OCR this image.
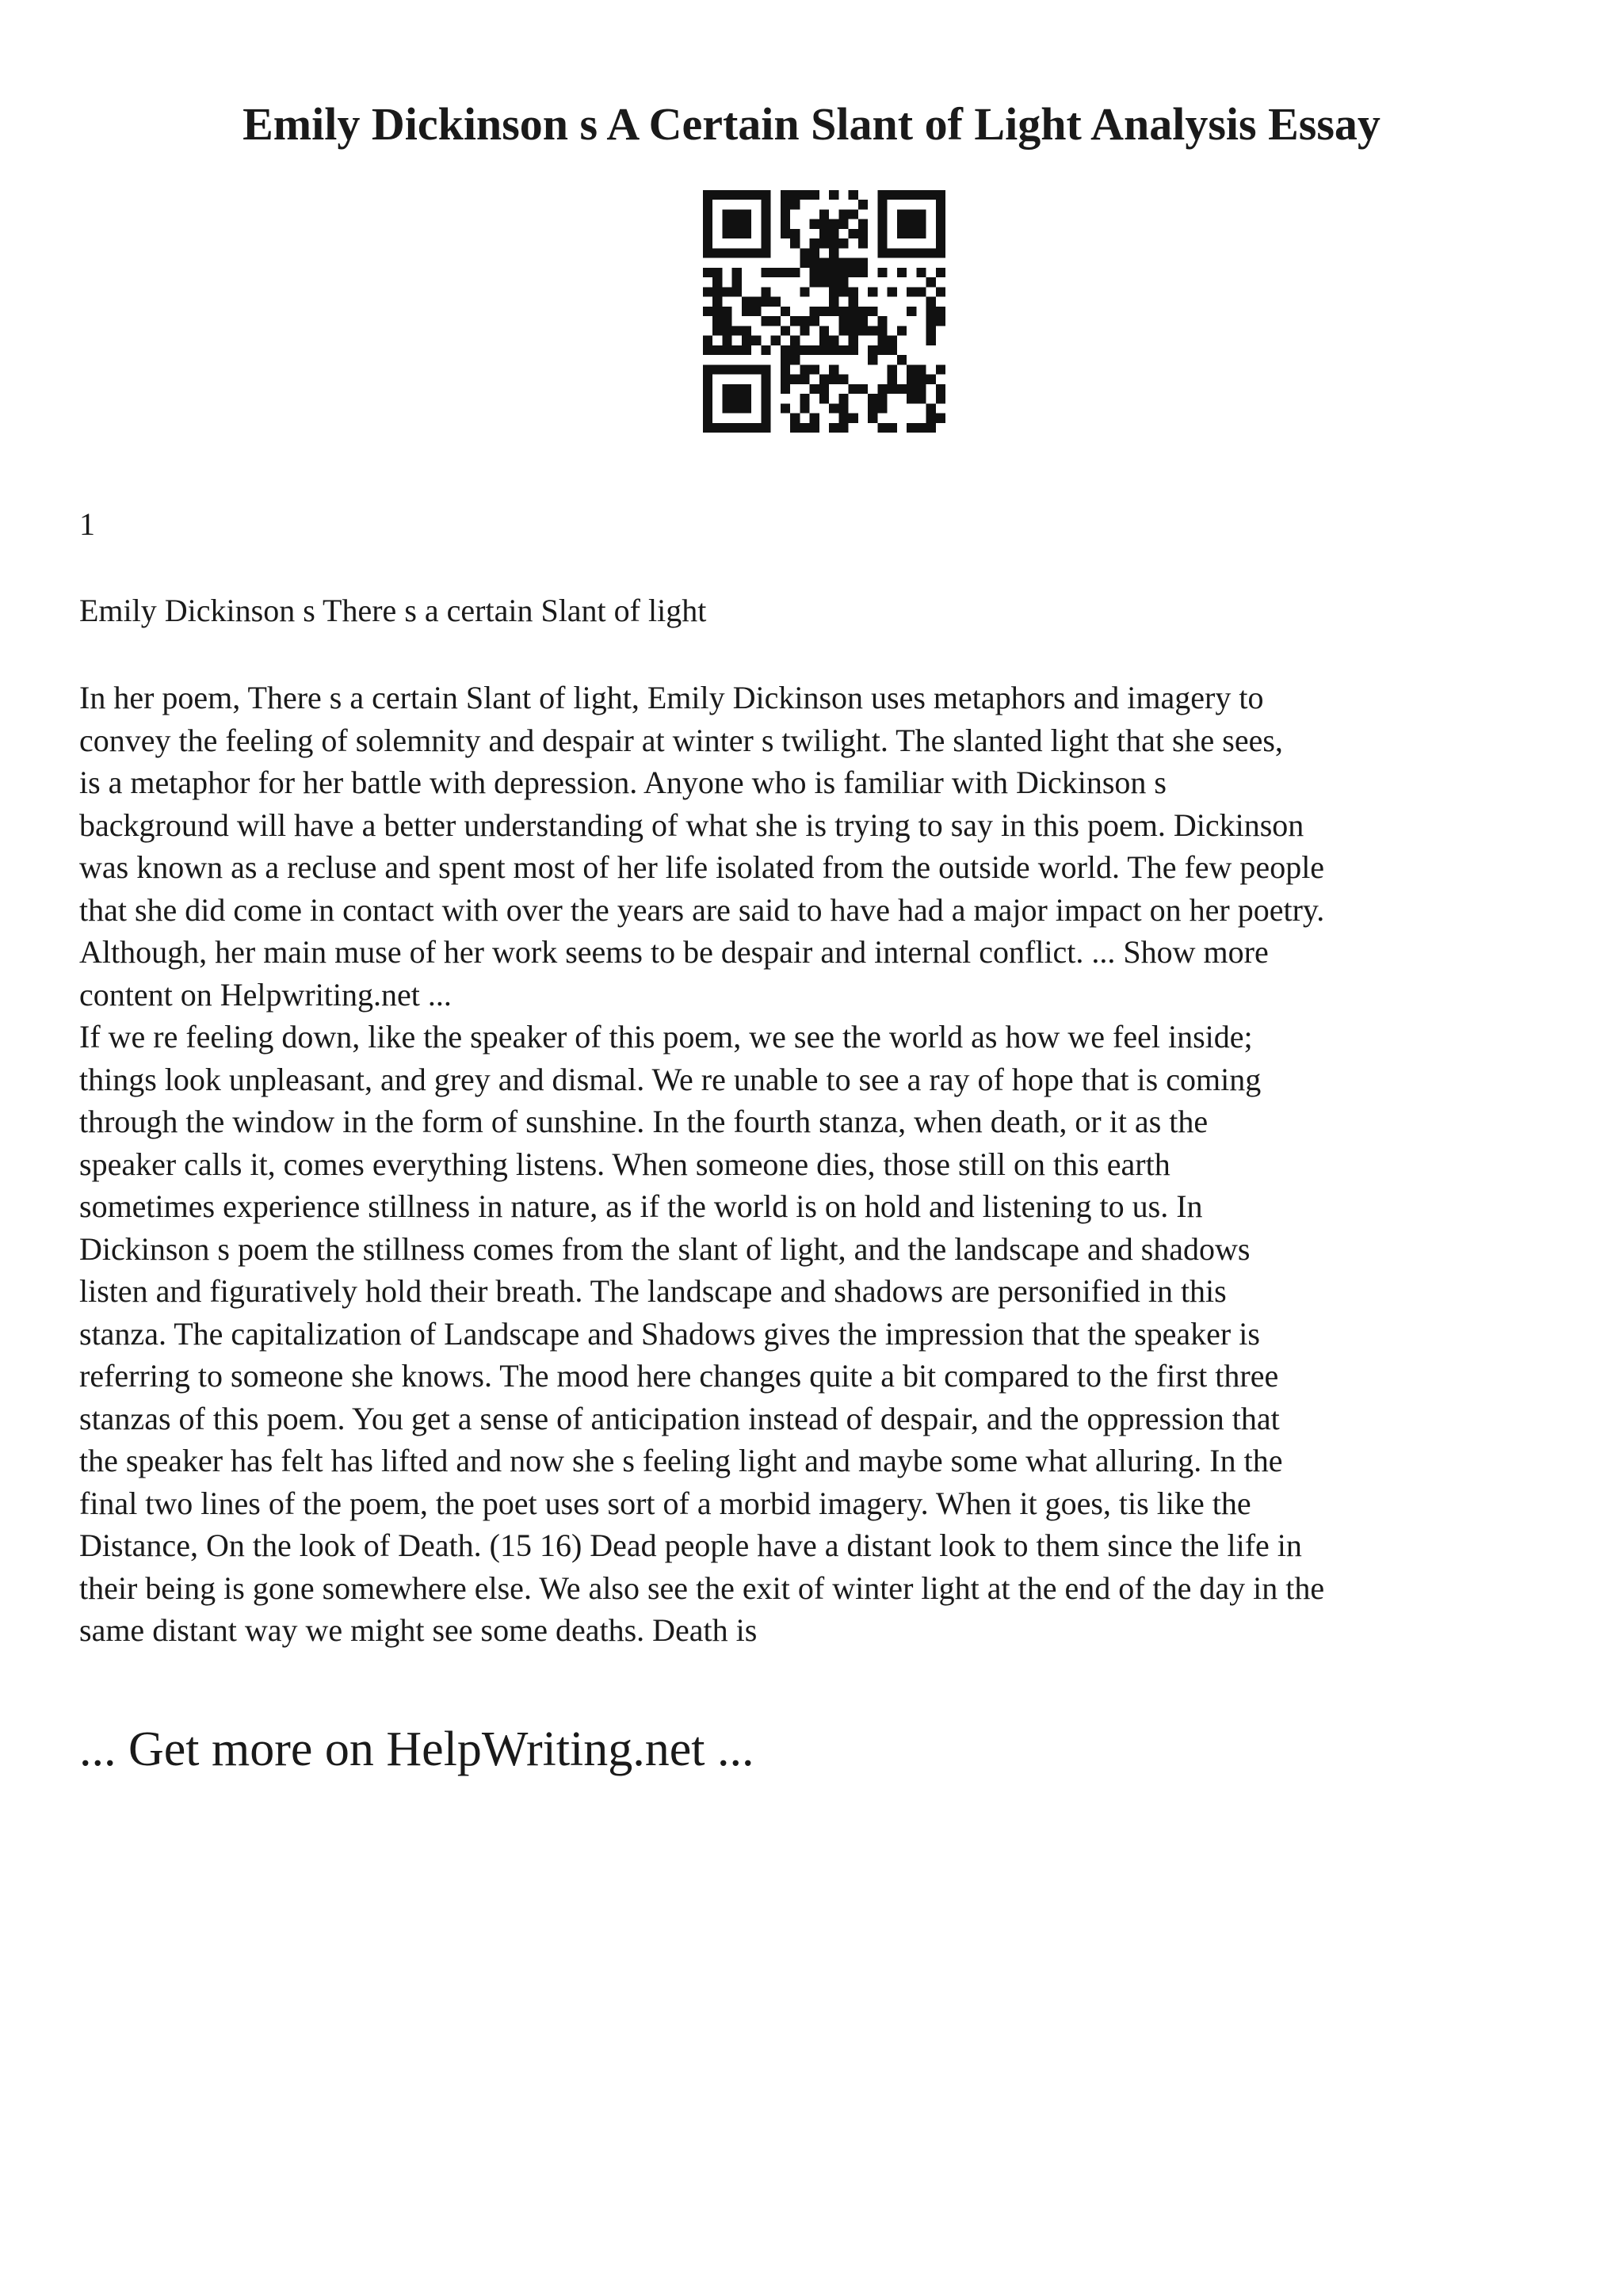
Emily Dickinson s A Certain Slant of Light Analysis Essay
1
Emily Dickinson s There s a certain Slant of light
In her poem, There s a certain Slant of light, Emily Dickinson uses metaphors and imagery to
convey the feeling of solemnity and despair at winter s twilight. The slanted light that she sees,
is a metaphor for her battle with depression. Anyone who is familiar with Dickinson s
background will have a better understanding of what she is trying to say in this poem. Dickinson
was known as a recluse and spent most of her life isolated from the outside world. The few people
that she did come in contact with over the years are said to have had a major impact on her poetry.
Although, her main muse of her work seems to be despair and internal conflict. ... Show more
content on Helpwriting.net ...
If we re feeling down, like the speaker of this poem, we see the world as how we feel inside;
things look unpleasant, and grey and dismal. We re unable to see a ray of hope that is coming
through the window in the form of sunshine. In the fourth stanza, when death, or it as the
speaker calls it, comes everything listens. When someone dies, those still on this earth
sometimes experience stillness in nature, as if the world is on hold and listening to us. In
Dickinson s poem the stillness comes from the slant of light, and the landscape and shadows
listen and figuratively hold their breath. The landscape and shadows are personified in this
stanza. The capitalization of Landscape and Shadows gives the impression that the speaker is
referring to someone she knows. The mood here changes quite a bit compared to the first three
stanzas of this poem. You get a sense of anticipation instead of despair, and the oppression that
the speaker has felt has lifted and now she s feeling light and maybe some what alluring. In the
final two lines of the poem, the poet uses sort of a morbid imagery. When it goes, tis like the
Distance, On the look of Death. (15 16) Dead people have a distant look to them since the life in
their being is gone somewhere else. We also see the exit of winter light at the end of the day in the
same distant way we might see some deaths. Death is
... Get more on HelpWriting.net ...
